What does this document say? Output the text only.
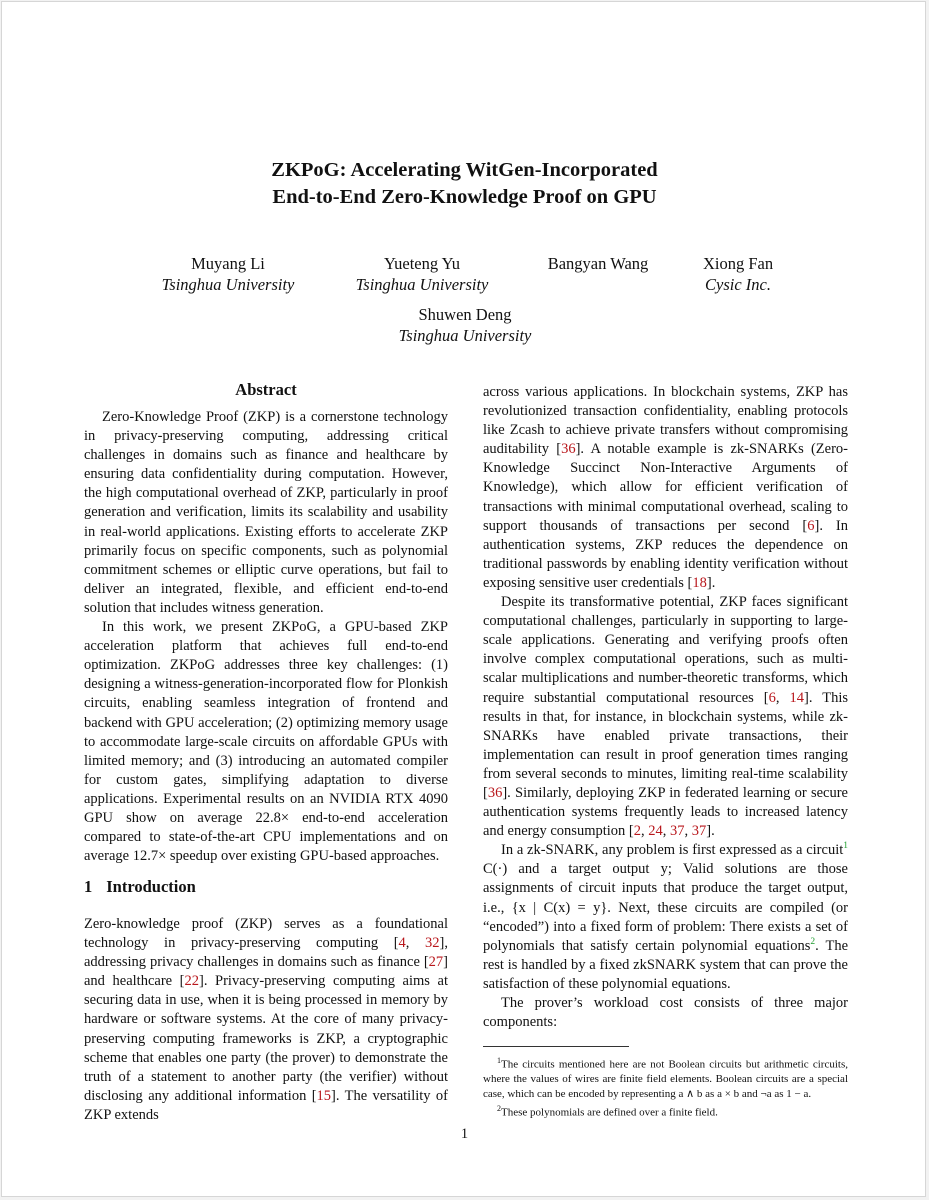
ZKPoG: Accelerating WitGen-Incorporated
End-to-End Zero-Knowledge Proof on GPU
Muyang Li
Tsinghua University
Yueteng Yu
Tsinghua University
Bangyan Wang	Xiong Fan
Cysic Inc.
Shuwen Deng
Tsinghua University
Abstract

Zero-Knowledge Proof (ZKP) is a cornerstone technology in privacy-preserving computing, addressing critical challenges in domains such as finance and healthcare by ensuring data confidentiality during computation. However, the high computational overhead of ZKP, particularly in proof generation and verification, limits its scalability and usability in real-world applications. Existing efforts to accelerate ZKP primarily focus on specific components, such as polynomial commitment schemes or elliptic curve operations, but fail to deliver an integrated, flexible, and efficient end-to-end solution that includes witness generation.

In this work, we present ZKPoG, a GPU-based ZKP acceleration platform that achieves full end-to-end optimization. ZKPoG addresses three key challenges: (1) designing a witness-generation-incorporated flow for Plonkish circuits, enabling seamless integration of frontend and backend with GPU acceleration; (2) optimizing memory usage to accommodate large-scale circuits on affordable GPUs with limited memory; and (3) introducing an automated compiler for custom gates, simplifying adaptation to diverse applications. Experimental results on an NVIDIA RTX 4090 GPU show on average 22.8× end-to-end acceleration compared to state-of-the-art CPU implementations and on average 12.7× speedup over existing GPU-based approaches.

1 Introduction

Zero-knowledge proof (ZKP) serves as a foundational technology in privacy-preserving computing [4, 32], addressing privacy challenges in domains such as finance [27] and healthcare [22]. Privacy-preserving computing aims at securing data in use, when it is being processed in memory by hardware or software systems. At the core of many privacy-preserving computing frameworks is ZKP, a cryptographic scheme that enables one party (the prover) to demonstrate the truth of a statement to another party (the verifier) without disclosing any additional information [15]. The versatility of ZKP extends

across various applications. In blockchain systems, ZKP has revolutionized transaction confidentiality, enabling protocols like Zcash to achieve private transfers without compromising auditability [36]. A notable example is zk-SNARKs (Zero-Knowledge Succinct Non-Interactive Arguments of Knowledge), which allow for efficient verification of transactions with minimal computational overhead, scaling to support thousands of transactions per second [6]. In authentication systems, ZKP reduces the dependence on traditional passwords by enabling identity verification without exposing sensitive user credentials [18].

Despite its transformative potential, ZKP faces significant computational challenges, particularly in supporting to large-scale applications. Generating and verifying proofs often involve complex computational operations, such as multi-scalar multiplications and number-theoretic transforms, which require substantial computational resources [6, 14]. This results in that, for instance, in blockchain systems, while zk-SNARKs have enabled private transactions, their implementation can result in proof generation times ranging from several seconds to minutes, limiting real-time scalability [36]. Similarly, deploying ZKP in federated learning or secure authentication systems frequently leads to increased latency and energy consumption [2, 24, 37, 37].

In a zk-SNARK, any problem is first expressed as a circuit$^1$ C(·) and a target output y; Valid solutions are those assignments of circuit inputs that produce the target output, i.e., {x | C(x) = y}. Next, these circuits are compiled (or “encoded”) into a fixed form of problem: There exists a set of polynomials that satisfy certain polynomial equations$^2$. The rest is handled by a fixed zkSNARK system that can prove the satisfaction of these polynomial equations.

The prover’s workload cost consists of three major components:

$^1$The circuits mentioned here are not Boolean circuits but arithmetic circuits, where the values of wires are finite field elements. Boolean circuits are a special case, which can be encoded by representing a ∧ b as a × b and ¬a as 1 − a.

$^2$These polynomials are defined over a finite field.

1
